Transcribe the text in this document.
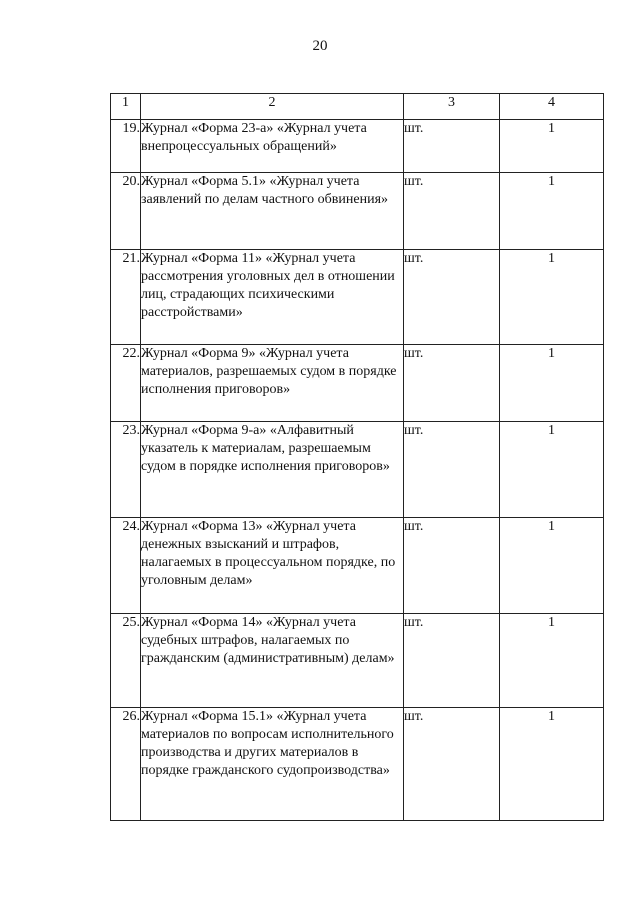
20
1	2	3	4
19.	Журнал «Форма 23-а» «Журнал учета внепроцессуальных обращений»	шт.	1
20.	Журнал «Форма 5.1» «Журнал учета заявлений по делам частного обвинения»	шт.	1
21.	Журнал «Форма 11» «Журнал учета рассмотрения уголовных дел в отношении лиц, страдающих психическими расстройствами»	шт.	1
22.	Журнал «Форма 9» «Журнал учета материалов, разрешаемых судом в порядке исполнения приговоров»	шт.	1
23.	Журнал «Форма 9-а» «Алфавитный указатель к материалам, разрешаемым судом в порядке исполнения приговоров»	шт.	1
24.	Журнал «Форма 13» «Журнал учета денежных взысканий и штрафов, налагаемых в процессуальном порядке, по уголовным делам»	шт.	1
25.	Журнал «Форма 14» «Журнал учета судебных штрафов, налагаемых по гражданским (административным) делам»	шт.	1
26.	Журнал «Форма 15.1» «Журнал учета материалов по вопросам исполнительного производства и других материалов в порядке гражданского судопроизводства»	шт.	1
